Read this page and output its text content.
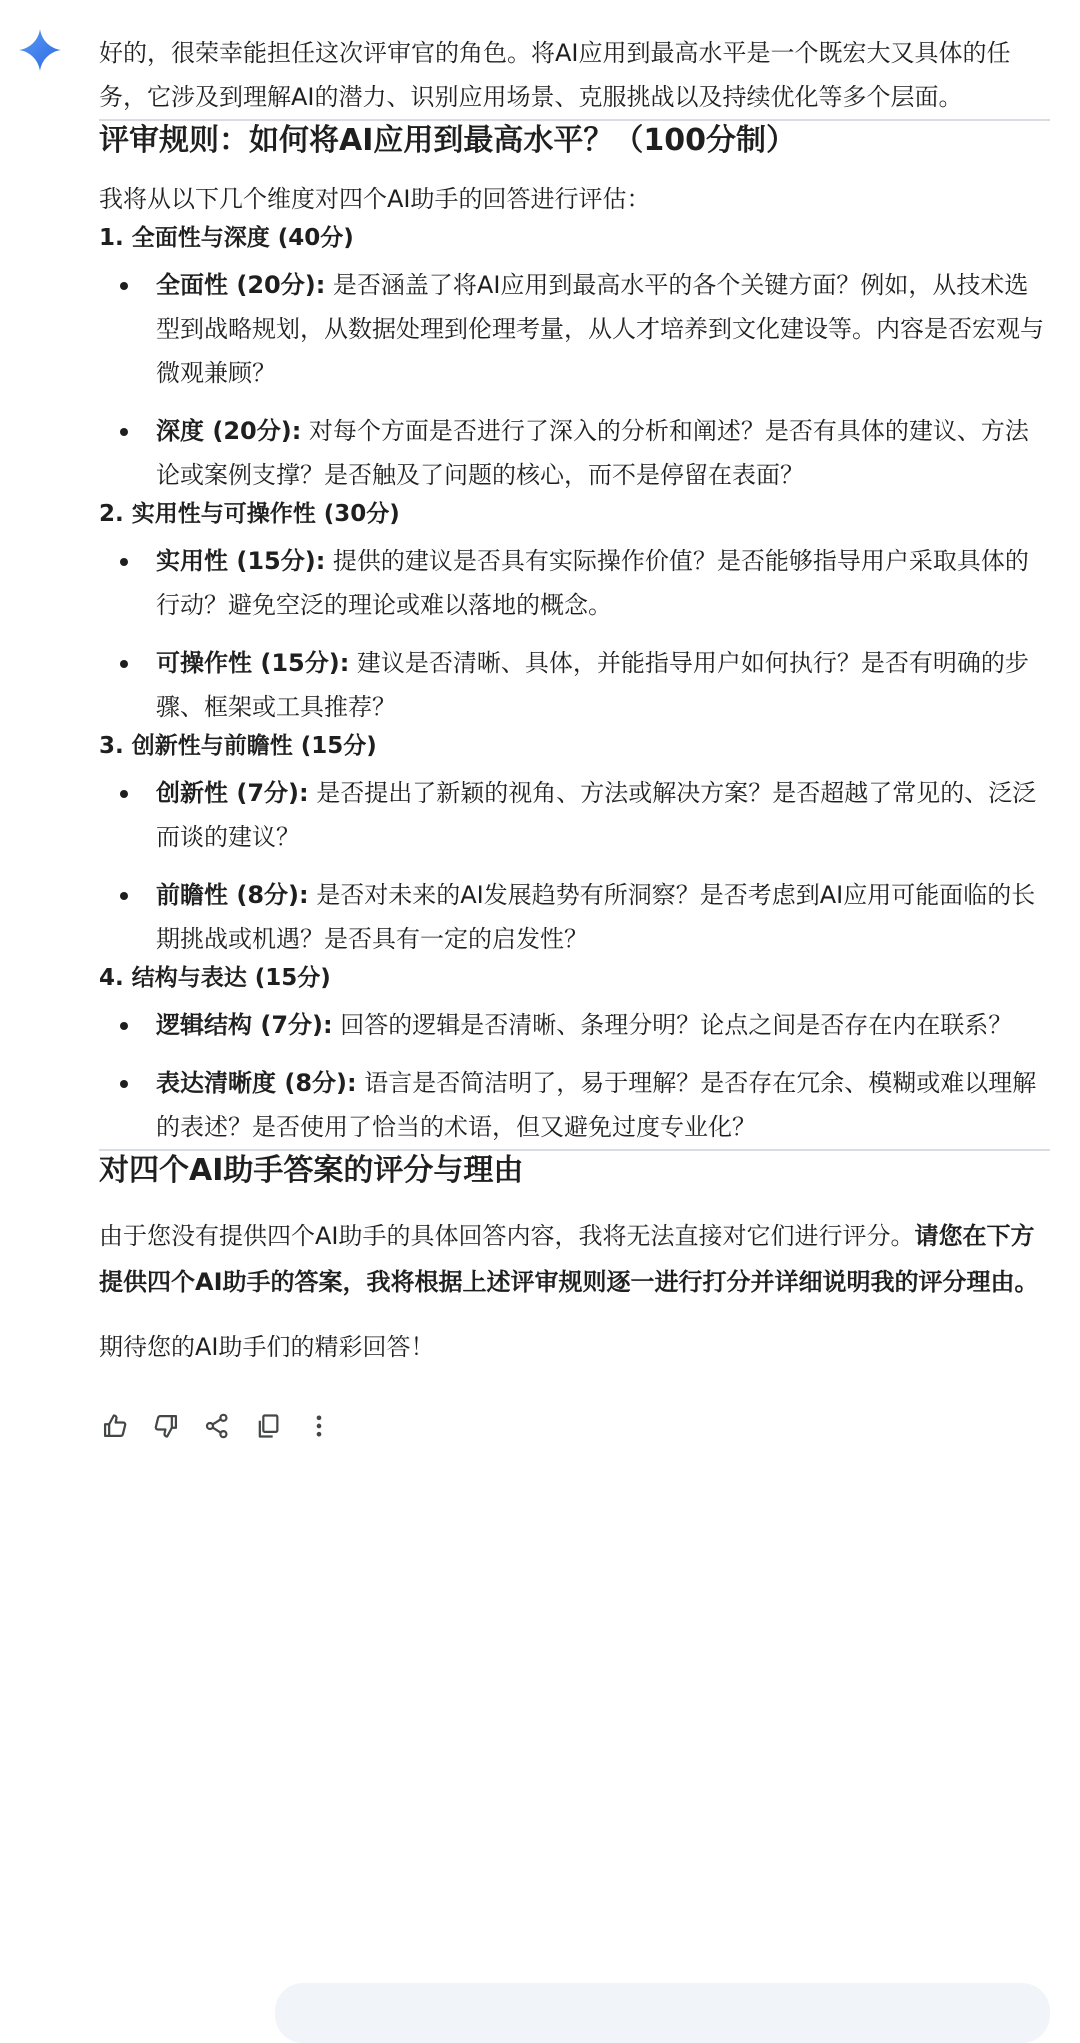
好的，很荣幸能担任这次评审官的角色。将AI应用到最高水平是一个既宏大又具体的任务，它涉及到理解AI的潜力、识别应用场景、克服挑战以及持续优化等多个层面。

评审规则：如何将AI应用到最高水平？（100分制）

我将从以下几个维度对四个AI助手的回答进行评估：

1. 全面性与深度 (40分)
全面性 (20分): 是否涵盖了将AI应用到最高水平的各个关键方面？例如，从技术选型到战略规划，从数据处理到伦理考量，从人才培养到文化建设等。内容是否宏观与微观兼顾？
深度 (20分): 对每个方面是否进行了深入的分析和阐述？是否有具体的建议、方法论或案例支撑？是否触及了问题的核心，而不是停留在表面？
2. 实用性与可操作性 (30分)
实用性 (15分): 提供的建议是否具有实际操作价值？是否能够指导用户采取具体的行动？避免空泛的理论或难以落地的概念。
可操作性 (15分): 建议是否清晰、具体，并能指导用户如何执行？是否有明确的步骤、框架或工具推荐？
3. 创新性与前瞻性 (15分)
创新性 (7分): 是否提出了新颖的视角、方法或解决方案？是否超越了常见的、泛泛而谈的建议？
前瞻性 (8分): 是否对未来的AI发展趋势有所洞察？是否考虑到AI应用可能面临的长期挑战或机遇？是否具有一定的启发性？
4. 结构与表达 (15分)
逻辑结构 (7分): 回答的逻辑是否清晰、条理分明？论点之间是否存在内在联系？
表达清晰度 (8分): 语言是否简洁明了，易于理解？是否存在冗余、模糊或难以理解的表述？是否使用了恰当的术语，但又避免过度专业化？
对四个AI助手答案的评分与理由

由于您没有提供四个AI助手的具体回答内容，我将无法直接对它们进行评分。请您在下方提供四个AI助手的答案，我将根据上述评审规则逐一进行打分并详细说明我的评分理由。

期待您的AI助手们的精彩回答！
